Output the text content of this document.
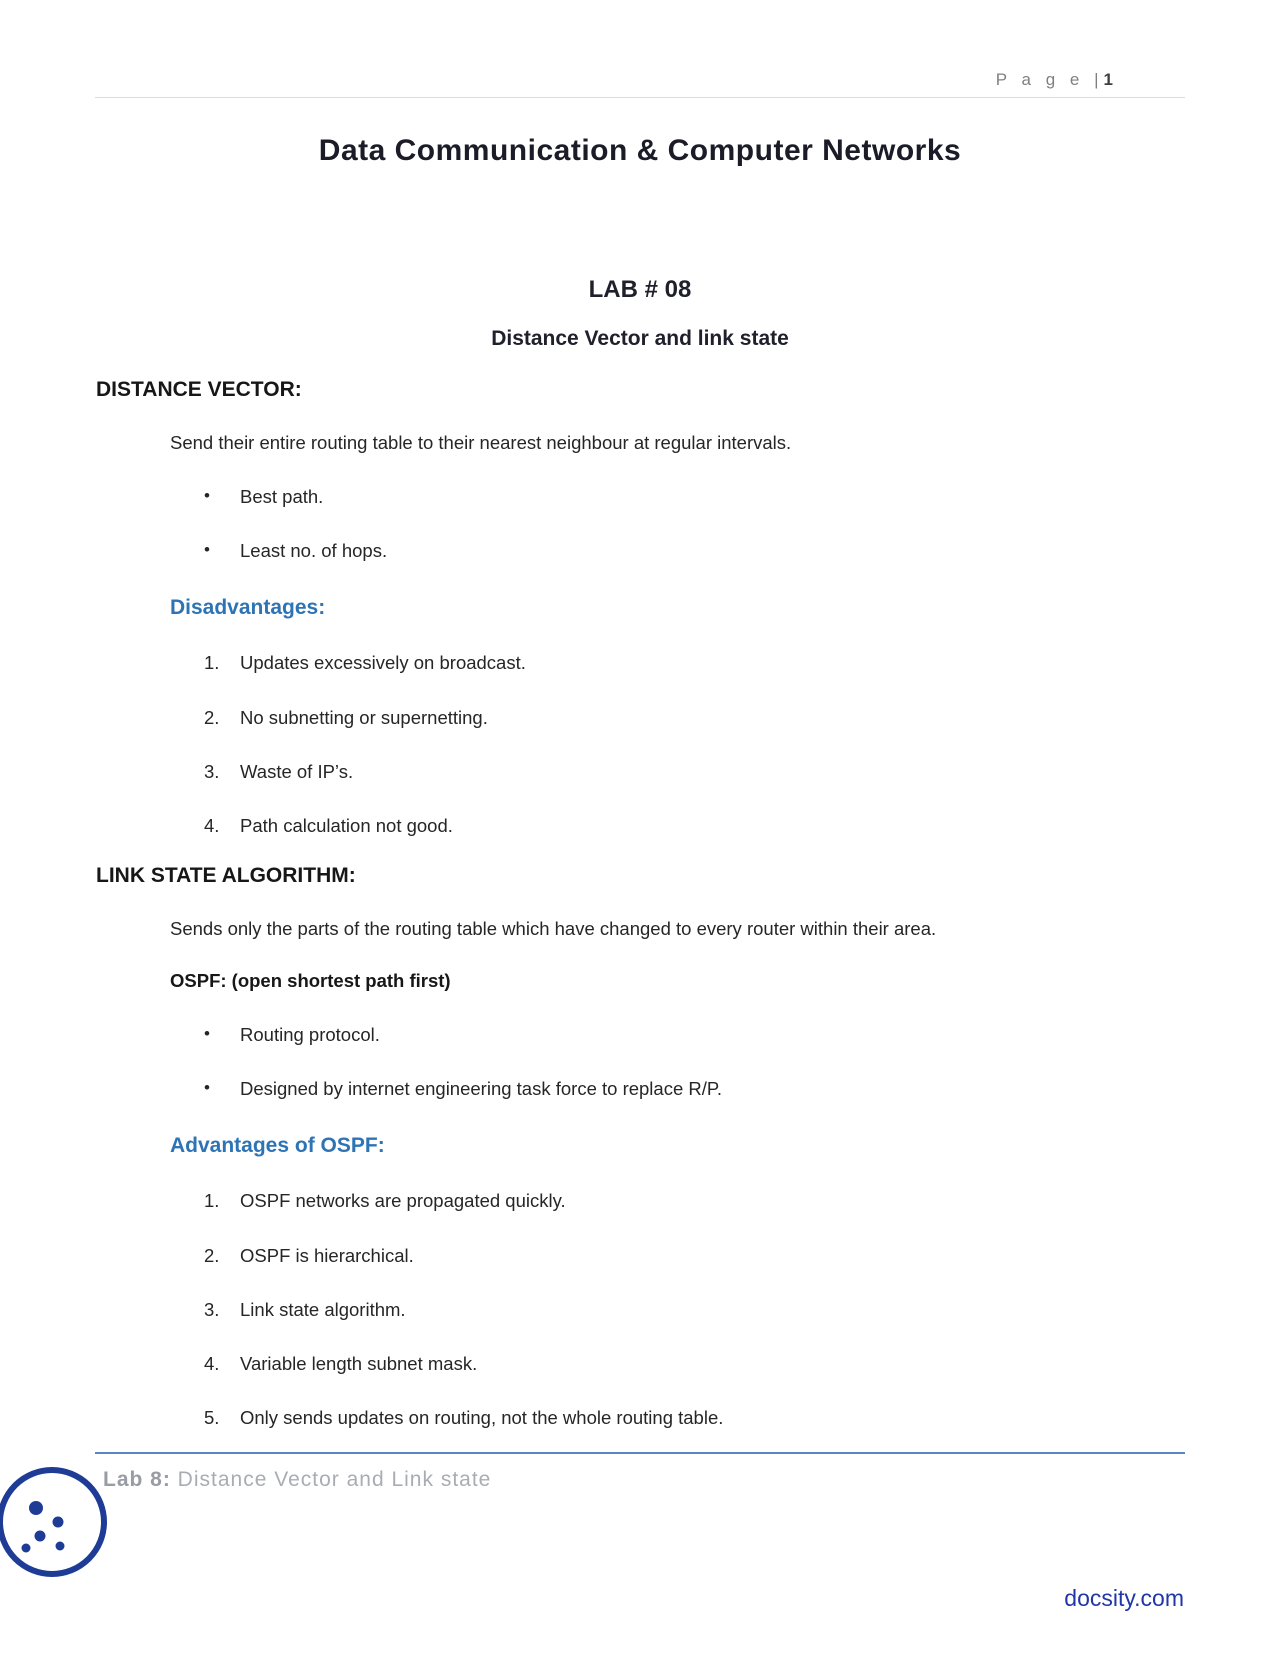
P a g e |1
Data Communication & Computer Networks
LAB # 08
Distance Vector and link state
DISTANCE VECTOR:
Send their entire routing table to their nearest neighbour at regular intervals.
•	Best path.
•	Least no. of hops.
Disadvantages:
1.	Updates excessively on broadcast.
2.	No subnetting or supernetting.
3.	Waste of IP’s.
4.	Path calculation not good.
LINK STATE ALGORITHM:
Sends only the parts of the routing table which have changed to every router within their area.
OSPF: (open shortest path first)
•	Routing protocol.
•	Designed by internet engineering task force to replace R/P.
Advantages of OSPF:
1.	OSPF networks are propagated quickly.
2.	OSPF is hierarchical.
3.	Link state algorithm.
4.	Variable length subnet mask.
5.	Only sends updates on routing, not the whole routing table.
Lab 8: Distance Vector and Link state
docsity.com
